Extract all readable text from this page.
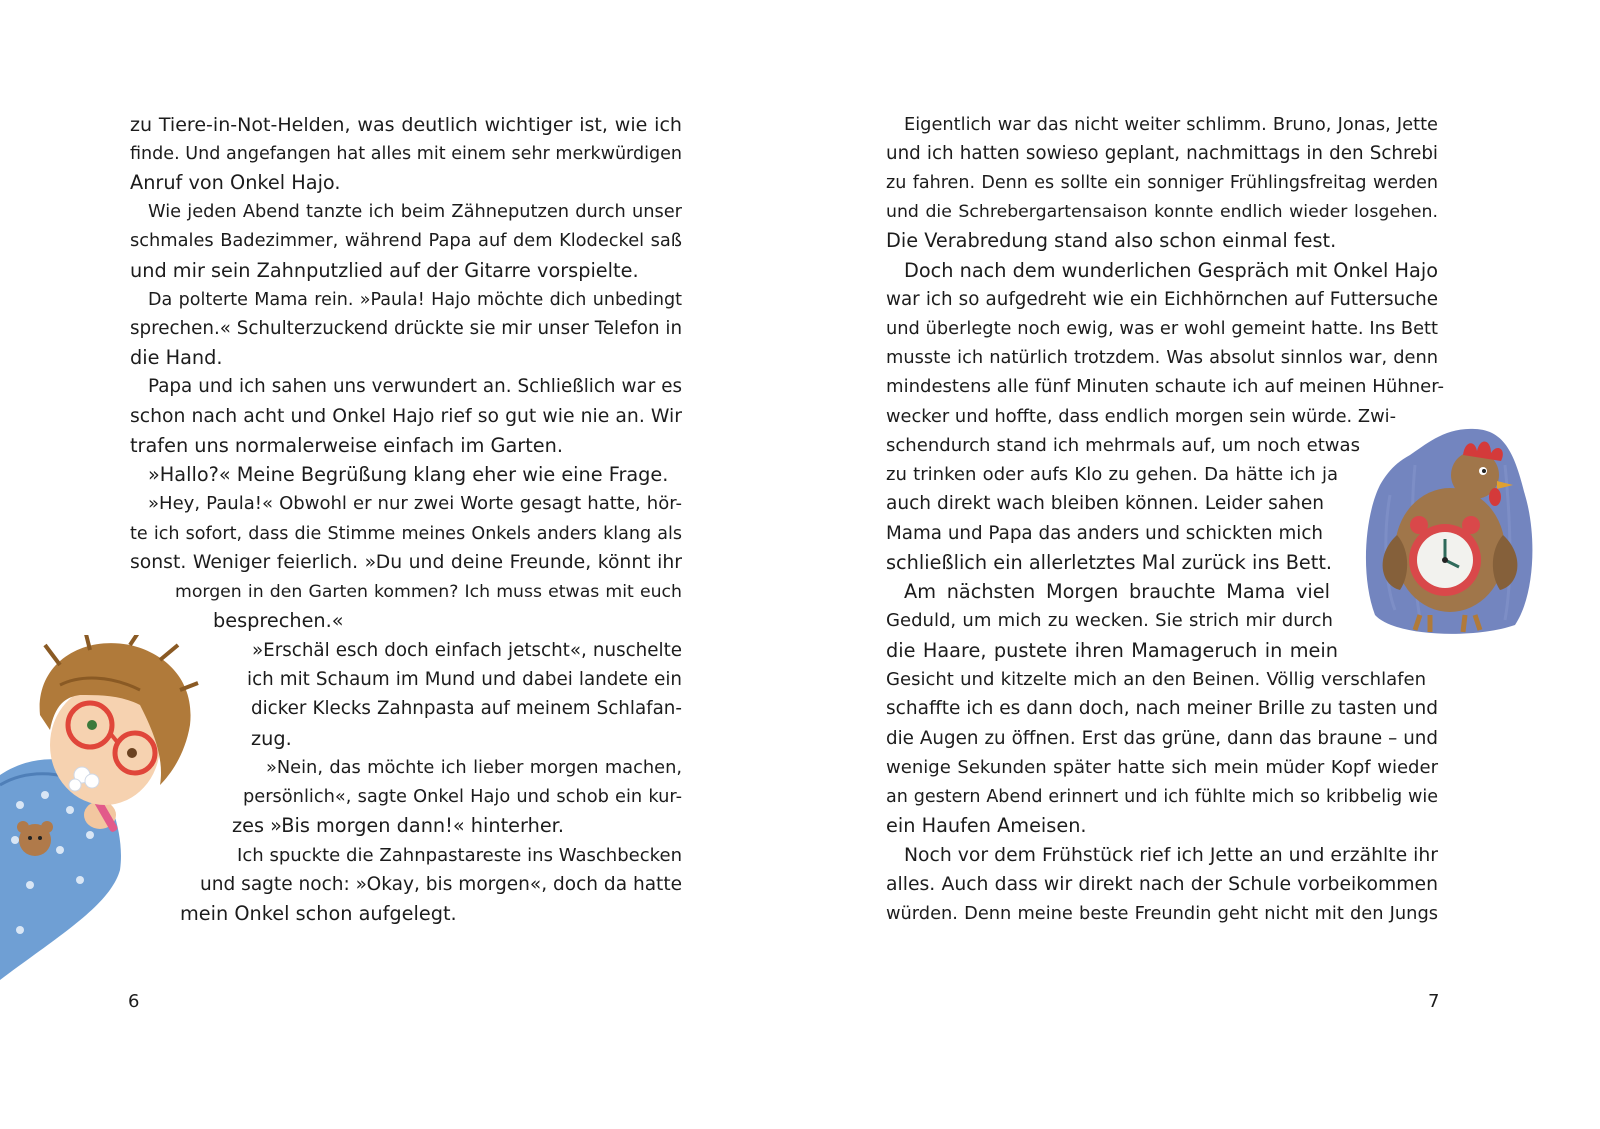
zu Tiere-in-Not-Helden, was deutlich wichtiger ist, wie ich
finde. Und angefangen hat alles mit einem sehr merkwürdigen
Anruf von Onkel Hajo.
Wie jeden Abend tanzte ich beim Zähneputzen durch unser
schmales Badezimmer, während Papa auf dem Klodeckel saß
und mir sein Zahnputzlied auf der Gitarre vorspielte.
Da polterte Mama rein. »Paula! Hajo möchte dich unbedingt
sprechen.« Schulterzuckend drückte sie mir unser Telefon in
die Hand.
Papa und ich sahen uns verwundert an. Schließlich war es
schon nach acht und Onkel Hajo rief so gut wie nie an. Wir
trafen uns normalerweise einfach im Garten.
»Hallo?« Meine Begrüßung klang eher wie eine Frage.
»Hey, Paula!« Obwohl er nur zwei Worte gesagt hatte, hör-
te ich sofort, dass die Stimme meines Onkels anders klang als
sonst. Weniger feierlich. »Du und deine Freunde, könnt ihr
morgen in den Garten kommen? Ich muss etwas mit euch
besprechen.«
»Erschäl esch doch einfach jetscht«, nuschelte
ich mit Schaum im Mund und dabei landete ein
dicker Klecks Zahnpasta auf meinem Schlafan-
zug.
»Nein, das möchte ich lieber morgen machen,
persönlich«, sagte Onkel Hajo und schob ein kur-
zes »Bis morgen dann!« hinterher.
Ich spuckte die Zahnpastareste ins Waschbecken
und sagte noch: »Okay, bis morgen«, doch da hatte
mein Onkel schon aufgelegt.
6
Eigentlich war das nicht weiter schlimm. Bruno, Jonas, Jette
und ich hatten sowieso geplant, nachmittags in den Schrebi
zu fahren. Denn es sollte ein sonniger Frühlingsfreitag werden
und die Schrebergartensaison konnte endlich wieder losgehen.
Die Verabredung stand also schon einmal fest.
Doch nach dem wunderlichen Gespräch mit Onkel Hajo
war ich so aufgedreht wie ein Eichhörnchen auf Futtersuche
und überlegte noch ewig, was er wohl gemeint hatte. Ins Bett
musste ich natürlich trotzdem. Was absolut sinnlos war, denn
mindestens alle fünf Minuten schaute ich auf meinen Hühner-
wecker und hoffte, dass endlich morgen sein würde. Zwi-
schendurch stand ich mehrmals auf, um noch etwas
zu trinken oder aufs Klo zu gehen. Da hätte ich ja
auch direkt wach bleiben können. Leider sahen
Mama und Papa das anders und schickten mich
schließlich ein allerletztes Mal zurück ins Bett.
Am nächsten Morgen brauchte Mama viel
Geduld, um mich zu wecken. Sie strich mir durch
die Haare, pustete ihren Mamageruch in mein
Gesicht und kitzelte mich an den Beinen. Völlig verschlafen
schaffte ich es dann doch, nach meiner Brille zu tasten und
die Augen zu öffnen. Erst das grüne, dann das braune – und
wenige Sekunden später hatte sich mein müder Kopf wieder
an gestern Abend erinnert und ich fühlte mich so kribbelig wie
ein Haufen Ameisen.
Noch vor dem Frühstück rief ich Jette an und erzählte ihr
alles. Auch dass wir direkt nach der Schule vorbeikommen
würden. Denn meine beste Freundin geht nicht mit den Jungs
7
